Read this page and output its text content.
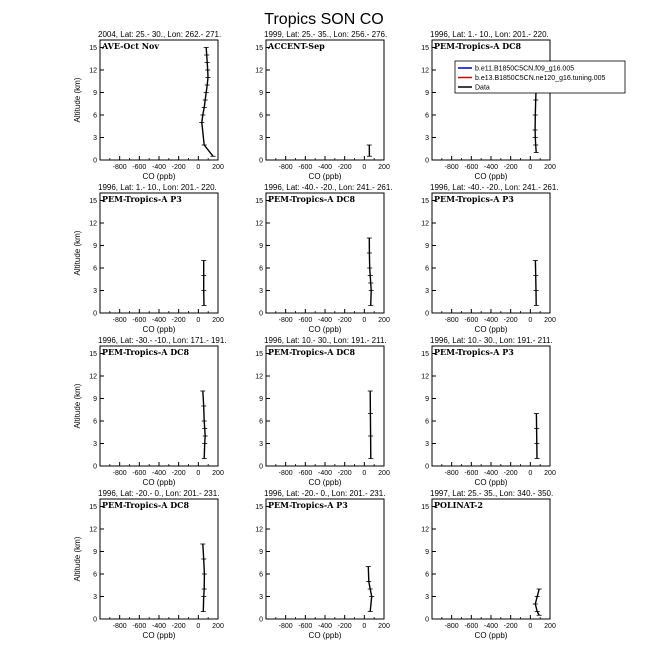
Tropics SON CO
2004, Lat: 25.- 30., Lon: 262.- 271.
AVE-Oct Nov
-800 -600 -400 -200 0 200
0
3
6
9
12
15
CO (ppb)
Altitude (km)
1999, Lat: 25.- 35., Lon: 256.- 276.
ACCENT-Sep
-800 -600 -400 -200 0 200
0
3
6
9
12
15
CO (ppb)
1996, Lat: 1.- 10., Lon: 201.- 220.
PEM-Tropics-A DC8
-800 -600 -400 -200 0 200
0
3
6
9
12
15
CO (ppb)
1996, Lat: 1.- 10., Lon: 201.- 220.
PEM-Tropics-A P3
-800 -600 -400 -200 0 200
0
3
6
9
12
15
CO (ppb)
Altitude (km)
1996, Lat: -40.- -20., Lon: 241.- 261.
PEM-Tropics-A DC8
-800 -600 -400 -200 0 200
0
3
6
9
12
15
CO (ppb)
1996, Lat: -40.- -20., Lon: 241.- 261.
PEM-Tropics-A P3
-800 -600 -400 -200 0 200
0
3
6
9
12
15
CO (ppb)
1996, Lat: -30.- -10., Lon: 171.- 191.
PEM-Tropics-A DC8
-800 -600 -400 -200 0 200
0
3
6
9
12
15
CO (ppb)
Altitude (km)
1996, Lat: 10.- 30., Lon: 191.- 211.
PEM-Tropics-A DC8
-800 -600 -400 -200 0 200
0
3
6
9
12
15
CO (ppb)
1996, Lat: 10.- 30., Lon: 191.- 211.
PEM-Tropics-A P3
-800 -600 -400 -200 0 200
0
3
6
9
12
15
CO (ppb)
1996, Lat: -20.- 0., Lon: 201.- 231.
PEM-Tropics-A DC8
-800 -600 -400 -200 0 200
0
3
6
9
12
15
CO (ppb)
Altitude (km)
1996, Lat: -20.- 0., Lon: 201.- 231.
PEM-Tropics-A P3
-800 -600 -400 -200 0 200
0
3
6
9
12
15
CO (ppb)
1997, Lat: 25.- 35., Lon: 340.- 350.
POLINAT-2
-800 -600 -400 -200 0 200
0
3
6
9
12
15
CO (ppb)
b.e11.B1850C5CN.f09_g16.005
b.e13.B1850C5CN.ne120_g16.tuning.005
Data
